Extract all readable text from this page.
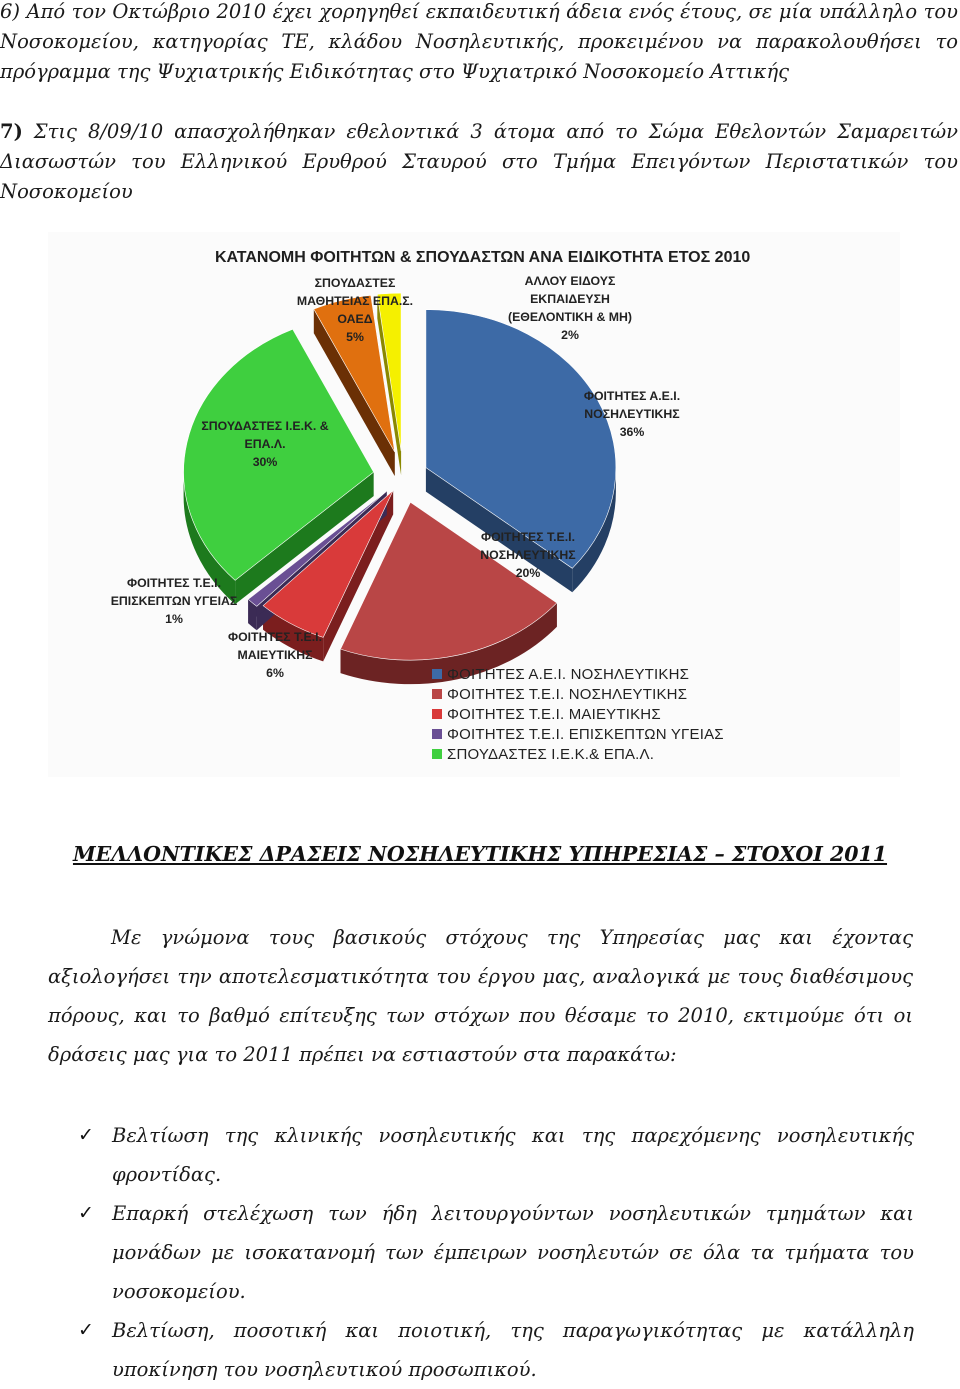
6) Από τον Οκτώβριο 2010 έχει χορηγηθεί εκπαιδευτική άδεια ενός έτους, σε μία υπάλληλο του Νοσοκομείου, κατηγορίας ΤΕ, κλάδου Νοσηλευτικής, προκειμένου να παρακολουθήσει το πρόγραμμα της Ψυχιατρικής Ειδικότητας στο Ψυχιατρικό Νοσοκομείο Αττικής

7) Στις 8/09/10 απασχολήθηκαν εθελοντικά 3 άτομα από το Σώμα Εθελοντών Σαμαρειτών Διασωστών του Ελληνικού Ερυθρού Σταυρού στο Τμήμα Επειγόντων Περιστατικών του Νοσοκομείου

ΚΑΤΑΝΟΜΗ ΦΟΙΤΗΤΩΝ & ΣΠΟΥΔΑΣΤΩΝ ΑΝΑ ΕΙΔΙΚΟΤΗΤΑ ΕΤΟΣ 2010
ΦΟΙΤΗΤΕΣ Α.Ε.Ι. ΝΟΣΗΛΕΥΤΙΚΗΣ 36%
ΦΟΙΤΗΤΕΣ Τ.Ε.Ι. ΝΟΣΗΛΕΥΤΙΚΗΣ 20%
ΦΟΙΤΗΤΕΣ Τ.Ε.Ι. ΜΑΙΕΥΤΙΚΗΣ 6%
ΦΟΙΤΗΤΕΣ Τ.Ε.Ι. ΕΠΙΣΚΕΠΤΩΝ ΥΓΕΙΑΣ 1%
ΣΠΟΥΔΑΣΤΕΣ Ι.Ε.Κ. & ΕΠΑ.Λ. 30%
ΣΠΟΥΔΑΣΤΕΣ ΜΑΘΗΤΕΙΑΣ ΕΠΑ.Σ. ΟΑΕΔ 5%
ΑΛΛΟΥ ΕΙΔΟΥΣ ΕΚΠΑΙΔΕΥΣΗ (ΕΘΕΛΟΝΤΙΚΗ & ΜΗ) 2%
ΦΟΙΤΗΤΕΣ Α.Ε.Ι. ΝΟΣΗΛΕΥΤΙΚΗΣ
ΦΟΙΤΗΤΕΣ Τ.Ε.Ι. ΝΟΣΗΛΕΥΤΙΚΗΣ
ΦΟΙΤΗΤΕΣ Τ.Ε.Ι. ΜΑΙΕΥΤΙΚΗΣ
ΦΟΙΤΗΤΕΣ Τ.Ε.Ι. ΕΠΙΣΚΕΠΤΩΝ ΥΓΕΙΑΣ
ΣΠΟΥΔΑΣΤΕΣ Ι.Ε.Κ.& ΕΠΑ.Λ.
ΜΕΛΛΟΝΤΙΚΕΣ ΔΡΑΣΕΙΣ ΝΟΣΗΛΕΥΤΙΚΗΣ ΥΠΗΡΕΣΙΑΣ – ΣΤΟΧΟΙ 2011

Με γνώμονα τους βασικούς στόχους της Υπηρεσίας μας και έχοντας αξιολογήσει την αποτελεσματικότητα του έργου μας, αναλογικά με τους διαθέσιμους πόρους, και το βαθμό επίτευξης των στόχων που θέσαμε το 2010, εκτιμούμε ότι οι δράσεις μας για το 2011 πρέπει να εστιαστούν στα παρακάτω:

✓ Βελτίωση της κλινικής νοσηλευτικής και της παρεχόμενης νοσηλευτικής φροντίδας.
✓ Επαρκή στελέχωση των ήδη λειτουργούντων νοσηλευτικών τμημάτων και μονάδων με ισοκατανομή των έμπειρων νοσηλευτών σε όλα τα τμήματα του νοσοκομείου.
✓ Βελτίωση, ποσοτική και ποιοτική, της παραγωγικότητας με κατάλληλη υποκίνηση του νοσηλευτικού προσωπικού.
